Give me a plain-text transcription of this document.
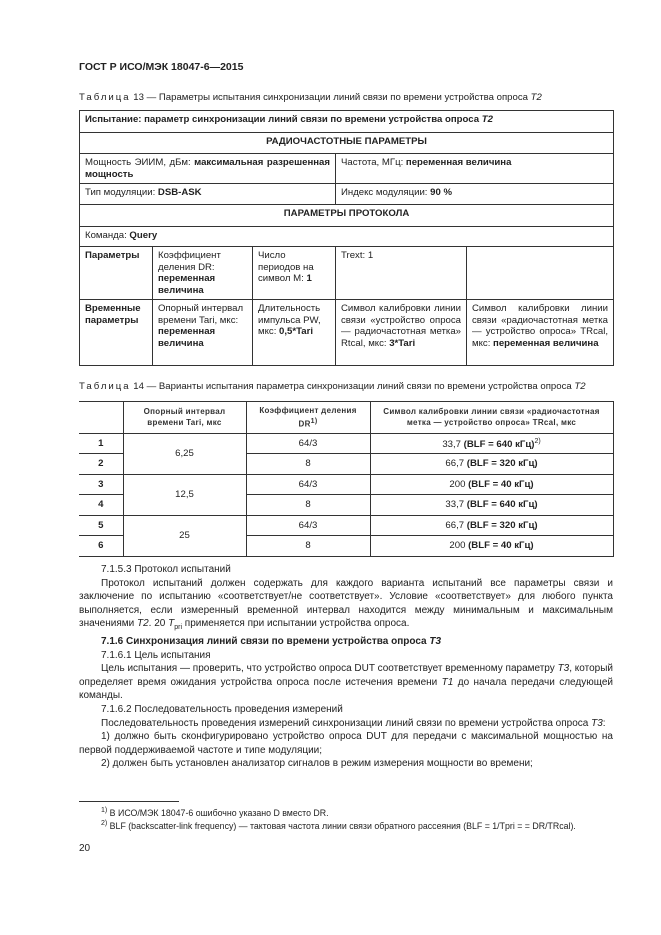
ГОСТ Р ИСО/МЭК 18047-6—2015
Таблица 13 — Параметры испытания синхронизации линий связи по времени устройства опроса T2
Испытание: параметр синхронизации линий связи по времени устройства опроса T2				
РАДИОЧАСТОТНЫЕ ПАРАМЕТРЫ				
Мощность ЭИИМ, дБм: максимальная разрешенная мощность			Частота, МГц: переменная величина	
Тип модуляции: DSB-ASK			Индекс модуляции: 90 %	
ПАРАМЕТРЫ ПРОТОКОЛА				
Команда: Query				
Параметры	Коэффициент деления DR: переменная величина	Число периодов на символ M: 1	Trext: 1	
Временные параметры	Опорный интервал времени Tari, мкс: переменная величина	Длительность импульса PW, мкс: 0,5*Tari	Символ калибровки линии связи «устройство опроса — радиочастотная метка» Rtcal, мкс: 3*Tari	Символ калибровки линии связи «радиочастотная метка — устройство опроса» TRcal, мкс: переменная величина
Таблица 14 — Варианты испытания параметра синхронизации линий связи по времени устройства опроса T2
	Опорный интервал времени Tari, мкс	Коэффициент деления DR$^{1)}$	Символ калибровки линии связи «радиочастотная метка — устройство опроса» TRcal, мкс
1	6,25	64/3	33,7 (BLF = 640 кГц)$^{2)}$
2		8	66,7 (BLF = 320 кГц)
3	12,5	64/3	200 (BLF = 40 кГц)
4		8	33,7 (BLF = 640 кГц)
5	25	64/3	66,7 (BLF = 320 кГц)
6		8	200 (BLF = 40 кГц)

7.1.5.3 Протокол испытаний

Протокол испытаний должен содержать для каждого варианта испытаний все параметры связи и заключение по испытанию «соответствует/не соответствует». Условие «соответствует» для любого пункта выполняется, если измеренный временной интервал находится между минимальным и максимальным значениями T2. 20 $T_{pri}$ применяется при испытании устройства опроса.

7.1.6 Синхронизация линий связи по времени устройства опроса T3

7.1.6.1 Цель испытания

Цель испытания — проверить, что устройство опроса DUT соответствует временному параметру T3, который определяет время ожидания устройства опроса после истечения времени T1 до начала передачи следующей команды.

7.1.6.2 Последовательность проведения измерений

Последовательность проведения измерений синхронизации линий связи по времени устройства опроса T3:

1) должно быть сконфигурировано устройство опроса DUT для передачи с максимальной мощностью на первой поддерживаемой частоте и типе модуляции;

2) должен быть установлен анализатор сигналов в режим измерения мощности во времени;

$^{1)}$ В ИСО/МЭК 18047-6 ошибочно указано D вместо DR.
$^{2)}$ BLF (backscatter-link frequency) — тактовая частота линии связи обратного рассеяния (BLF = 1/Tpri = = DR/TRcal).
20
